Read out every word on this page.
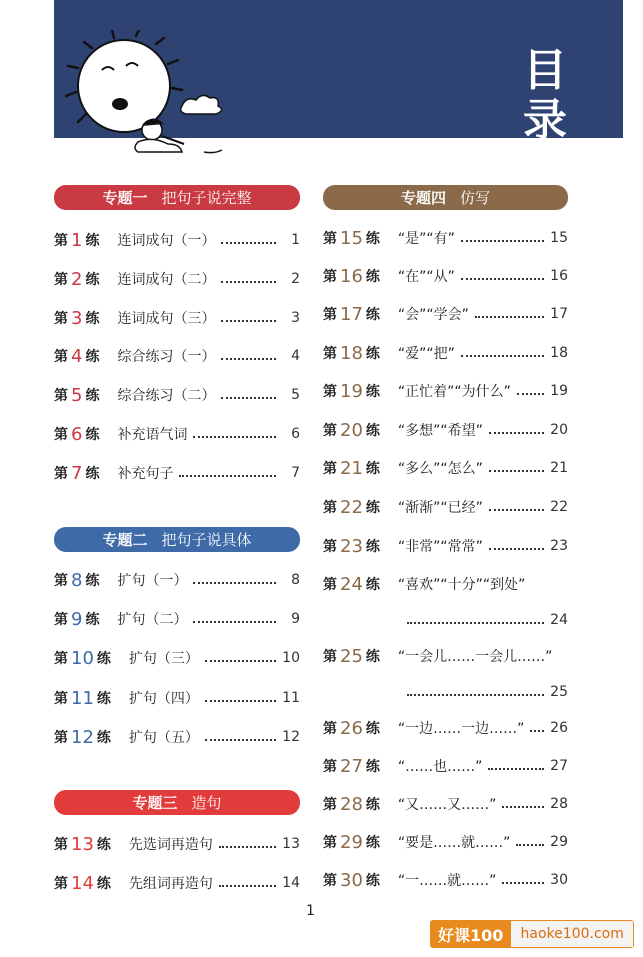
目
录
专题一 把句子说完整
第 1 练 连词成句（一）	1
第 2 练 连词成句（二）	2
第 3 练 连词成句（三）	3
第 4 练 综合练习（一）	4
第 5 练 综合练习（二）	5
第 6 练 补充语气词	6
第 7 练 补充句子	7
专题二 把句子说具体
第 8 练 扩句（一）	8
第 9 练 扩句（二）	9
第 10 练 扩句（三）	10
第 11 练 扩句（四）	11
第 12 练 扩句（五）	12
专题三 造句
第 13 练 先选词再造句	13
第 14 练 先组词再造句	14
专题四 仿写
第 15 练 “是”“有”	15
第 16 练 “在”“从”	16
第 17 练 “会”“学会”	17
第 18 练 “爱”“把”	18
第 19 练 “正忙着”“为什么”	19
第 20 练 “多想”“希望”	20
第 21 练 “多么”“怎么”	21
第 22 练 “渐渐”“已经”	22
第 23 练 “非常”“常常”	23
第 24 练 “喜欢”“十分”“到处”
24
第 25 练 “一会儿……一会儿……”
25
第 26 练 “一边……一边……” 26
第 27 练 “……也……”	27
第 28 练 “又……又……”	28
第 29 练 “要是……就……”	29
第 30 练 “一……就……”	30
1
好课100	haoke100.com
